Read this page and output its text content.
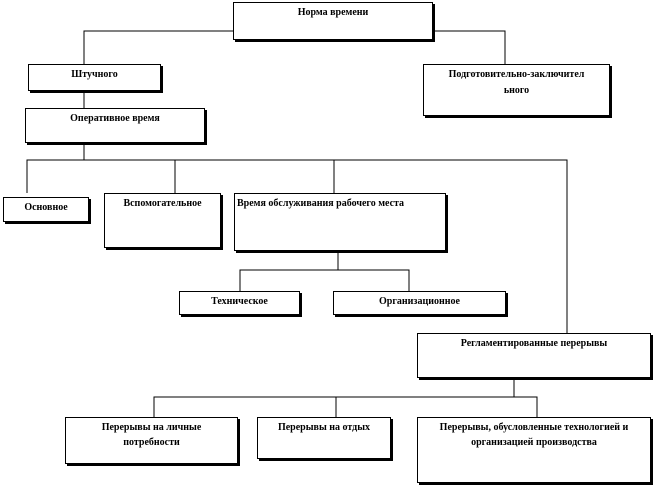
Норма времени
Штучного	Подготовительно-заключительного
Оперативное время
Основное	Вспомогательное	Время обслуживания рабочего места
Техническое	Организационное
Регламентированные перерывы
Перерывы на личные потребности
Перерывы на отдых	Перерывы, обусловленные технологией и организацией производства
